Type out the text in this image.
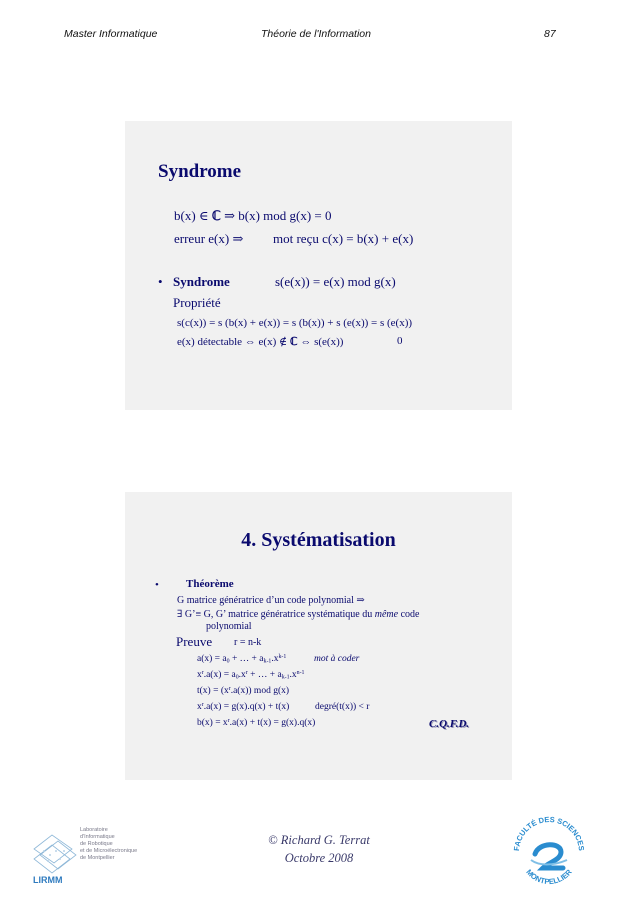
Master Informatique	Théorie de l'Information	87
Syndrome
b(x) ∈ ℂ ⇒ b(x) mod g(x) = 0
erreur e(x) ⇒ mot reçu c(x) = b(x) + e(x)
• Syndrome	s(e(x)) = e(x) mod g(x)
Propriété
s(c(x)) = s (b(x) + e(x)) = s (b(x)) + s (e(x)) = s (e(x))
e(x) détectable ⇔ e(x) ∉ ℂ ⇔ s(e(x))	0
4. Systématisation
• Théorème
G matrice génératrice d’un code polynomial ⇒
∃ G’≡ G, G’ matrice génératrice systématique du même code
polynomial
Preuve r = n-k
$a(x) = a_0$ + … + $a_{k-1}.x^{k-1}$	mot à coder
$x^r.a(x) = a_0.x^r$ + … + $a_{k-1}.x^{n-1}$
$t(x) = (x^r.a(x))$ mod g(x)
$x^r.a(x) = g(x).q(x) + t(x)$	degré(t(x)) < r
$b(x) = x^r.a(x) + t(x) = g(x).q(x)$	C.Q.F.D.
© Richard G. Terrat
Octobre 2008
LIRMM
Laboratoire
d'Informatique
de Robotique
et de Microélectronique
de Montpellier
FACULTÉ DES SCIENCES
MONTPELLIER
